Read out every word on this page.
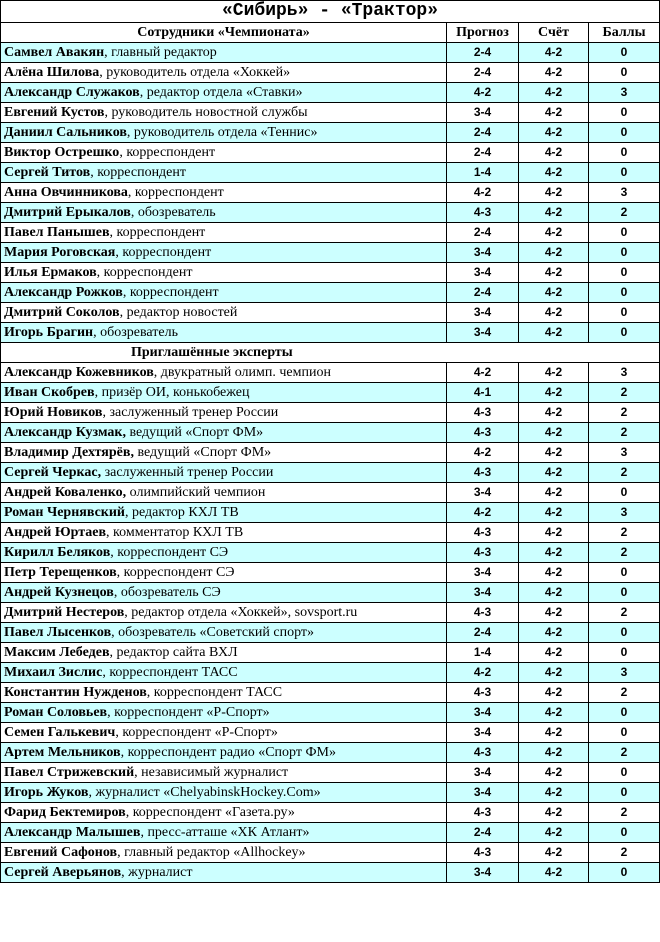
«Сибирь» - «Трактор»			
Сотрудники «Чемпионата»	Прогноз	Счёт	Баллы
Самвел Авакян, главный редактор	2-4	4-2	0
Алёна Шилова, руководитель отдела «Хоккей»	2-4	4-2	0
Александр Служаков, редактор отдела «Ставки»	4-2	4-2	3
Евгений Кустов, руководитель новостной службы	3-4	4-2	0
Даниил Сальников, руководитель отдела «Теннис»	2-4	4-2	0
Виктор Острешко, корреспондент	2-4	4-2	0
Сергей Титов, корреспондент	1-4	4-2	0
Анна Овчинникова, корреспондент	4-2	4-2	3
Дмитрий Ерыкалов, обозреватель	4-3	4-2	2
Павел Панышев, корреспондент	2-4	4-2	0
Мария Роговская, корреспондент	3-4	4-2	0
Илья Ермаков, корреспондент	3-4	4-2	0
Александр Рожков, корреспондент	2-4	4-2	0
Дмитрий Соколов, редактор новостей	3-4	4-2	0
Игорь Брагин, обозреватель	3-4	4-2	0
Приглашённые эксперты			
Александр Кожевников, двукратный олимп. чемпион	4-2	4-2	3
Иван Скобрев, призёр ОИ, конькобежец	4-1	4-2	2
Юрий Новиков, заслуженный тренер России	4-3	4-2	2
Александр Кузмак, ведущий «Спорт ФМ»	4-3	4-2	2
Владимир Дехтярёв, ведущий «Спорт ФМ»	4-2	4-2	3
Сергей Черкас, заслуженный тренер России	4-3	4-2	2
Андрей Коваленко, олимпийский чемпион	3-4	4-2	0
Роман Чернявский, редактор КХЛ ТВ	4-2	4-2	3
Андрей Юртаев, комментатор КХЛ ТВ	4-3	4-2	2
Кирилл Беляков, корреспондент СЭ	4-3	4-2	2
Петр Терещенков, корреспондент СЭ	3-4	4-2	0
Андрей Кузнецов, обозреватель СЭ	3-4	4-2	0
Дмитрий Нестеров, редактор отдела «Хоккей», sovsport.ru	4-3	4-2	2
Павел Лысенков, обозреватель «Советский спорт»	2-4	4-2	0
Максим Лебедев, редактор сайта ВХЛ	1-4	4-2	0
Михаил Зислис, корреспондент ТАСС	4-2	4-2	3
Константин Нужденов, корреспондент ТАСС	4-3	4-2	2
Роман Соловьев, корреспондент «Р-Спорт»	3-4	4-2	0
Семен Галькевич, корреспондент «Р-Спорт»	3-4	4-2	0
Артем Мельников, корреспондент радио «Спорт ФМ»	4-3	4-2	2
Павел Стрижевский, независимый журналист	3-4	4-2	0
Игорь Жуков, журналист «ChelyabinskHockey.Com»	3-4	4-2	0
Фарид Бектемиров, корреспондент «Газета.ру»	4-3	4-2	2
Александр Малышев, пресс-атташе «ХК Атлант»	2-4	4-2	0
Евгений Сафонов, главный редактор «Allhockey»	4-3	4-2	2
Сергей Аверьянов, журналист	3-4	4-2	0
